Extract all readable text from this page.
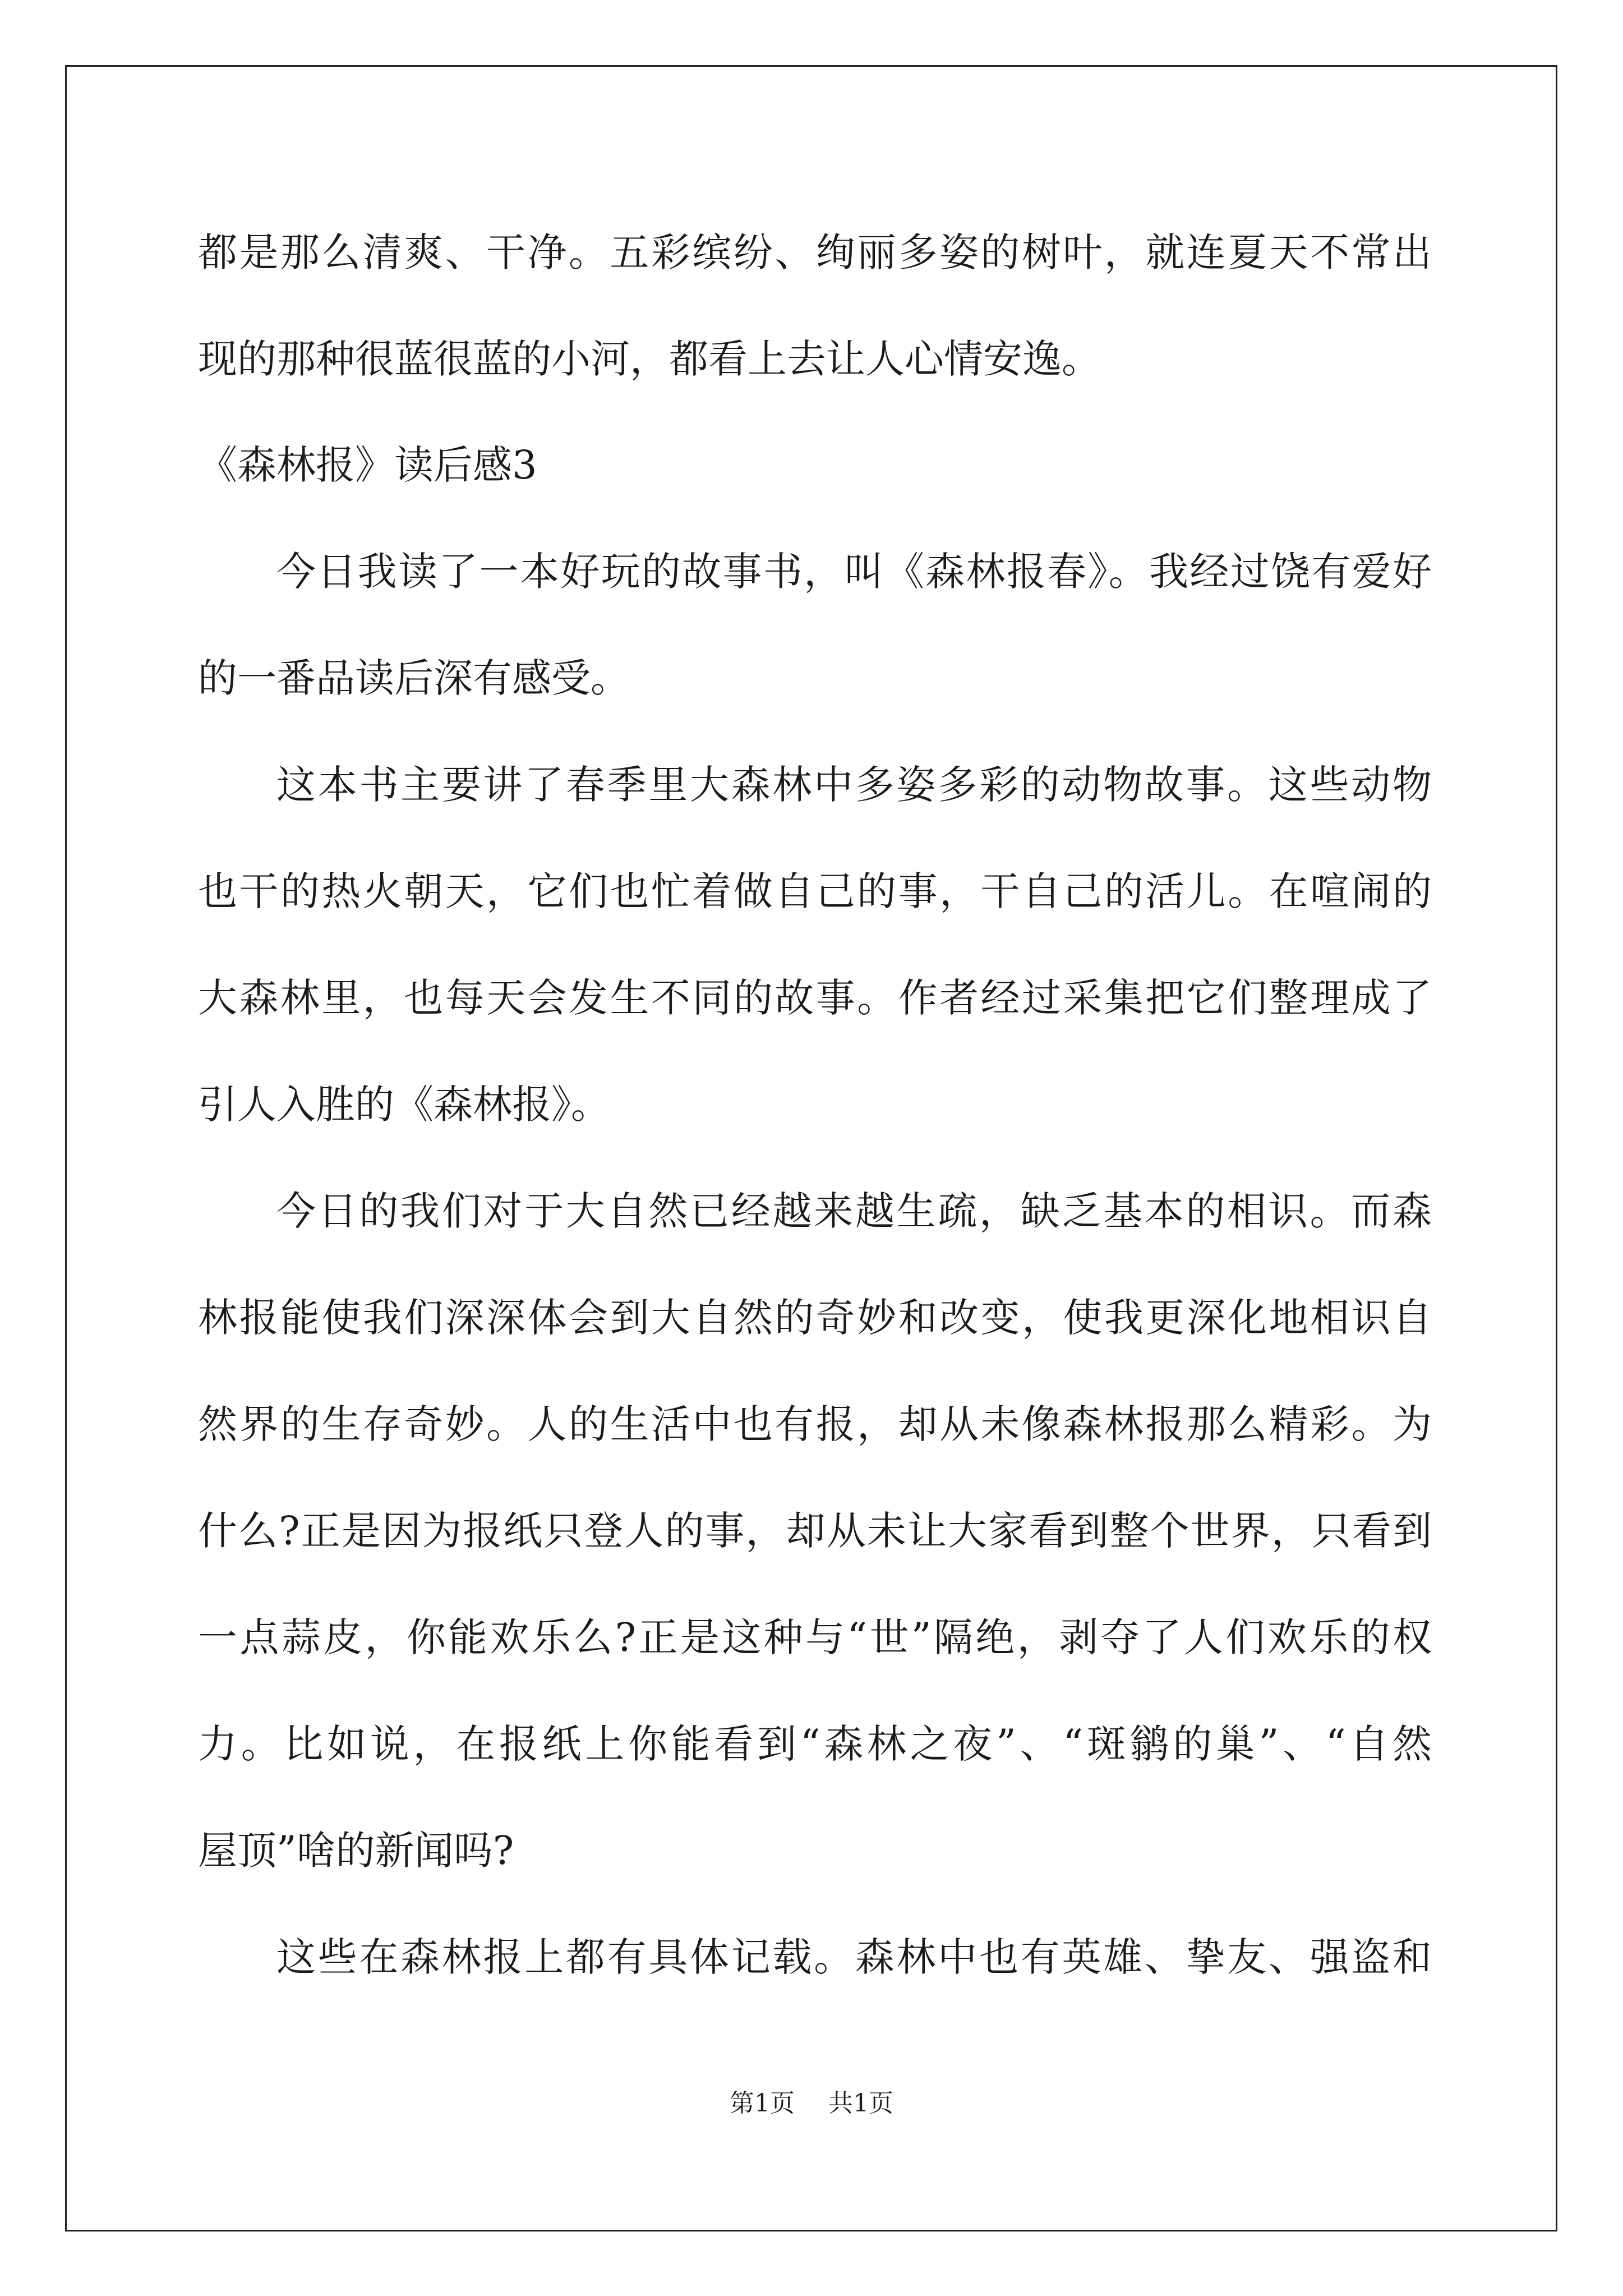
都是那么清爽、干净。五彩缤纷、绚丽多姿的树叶，就连夏天不常出
现的那种很蓝很蓝的小河，都看上去让人心情安逸。
《森林报》读后感3
今日我读了一本好玩的故事书，叫《森林报春》。我经过饶有爱好
的一番品读后深有感受。
这本书主要讲了春季里大森林中多姿多彩的动物故事。这些动物
也干的热火朝天，它们也忙着做自己的事，干自己的活儿。在喧闹的
大森林里，也每天会发生不同的故事。作者经过采集把它们整理成了
引人入胜的《森林报》。
今日的我们对于大自然已经越来越生疏，缺乏基本的相识。而森
林报能使我们深深体会到大自然的奇妙和改变，使我更深化地相识自
然界的生存奇妙。人的生活中也有报，却从未像森林报那么精彩。为
什么?正是因为报纸只登人的事，却从未让大家看到整个世界，只看到
一点蒜皮，你能欢乐么?正是这种与“世”隔绝，剥夺了人们欢乐的权
力。比如说，在报纸上你能看到“森林之夜”、“斑鹟的巢”、“自然
屋顶”啥的新闻吗?
这些在森林报上都有具体记载。森林中也有英雄、挚友、强盗和
第1页 共1页
